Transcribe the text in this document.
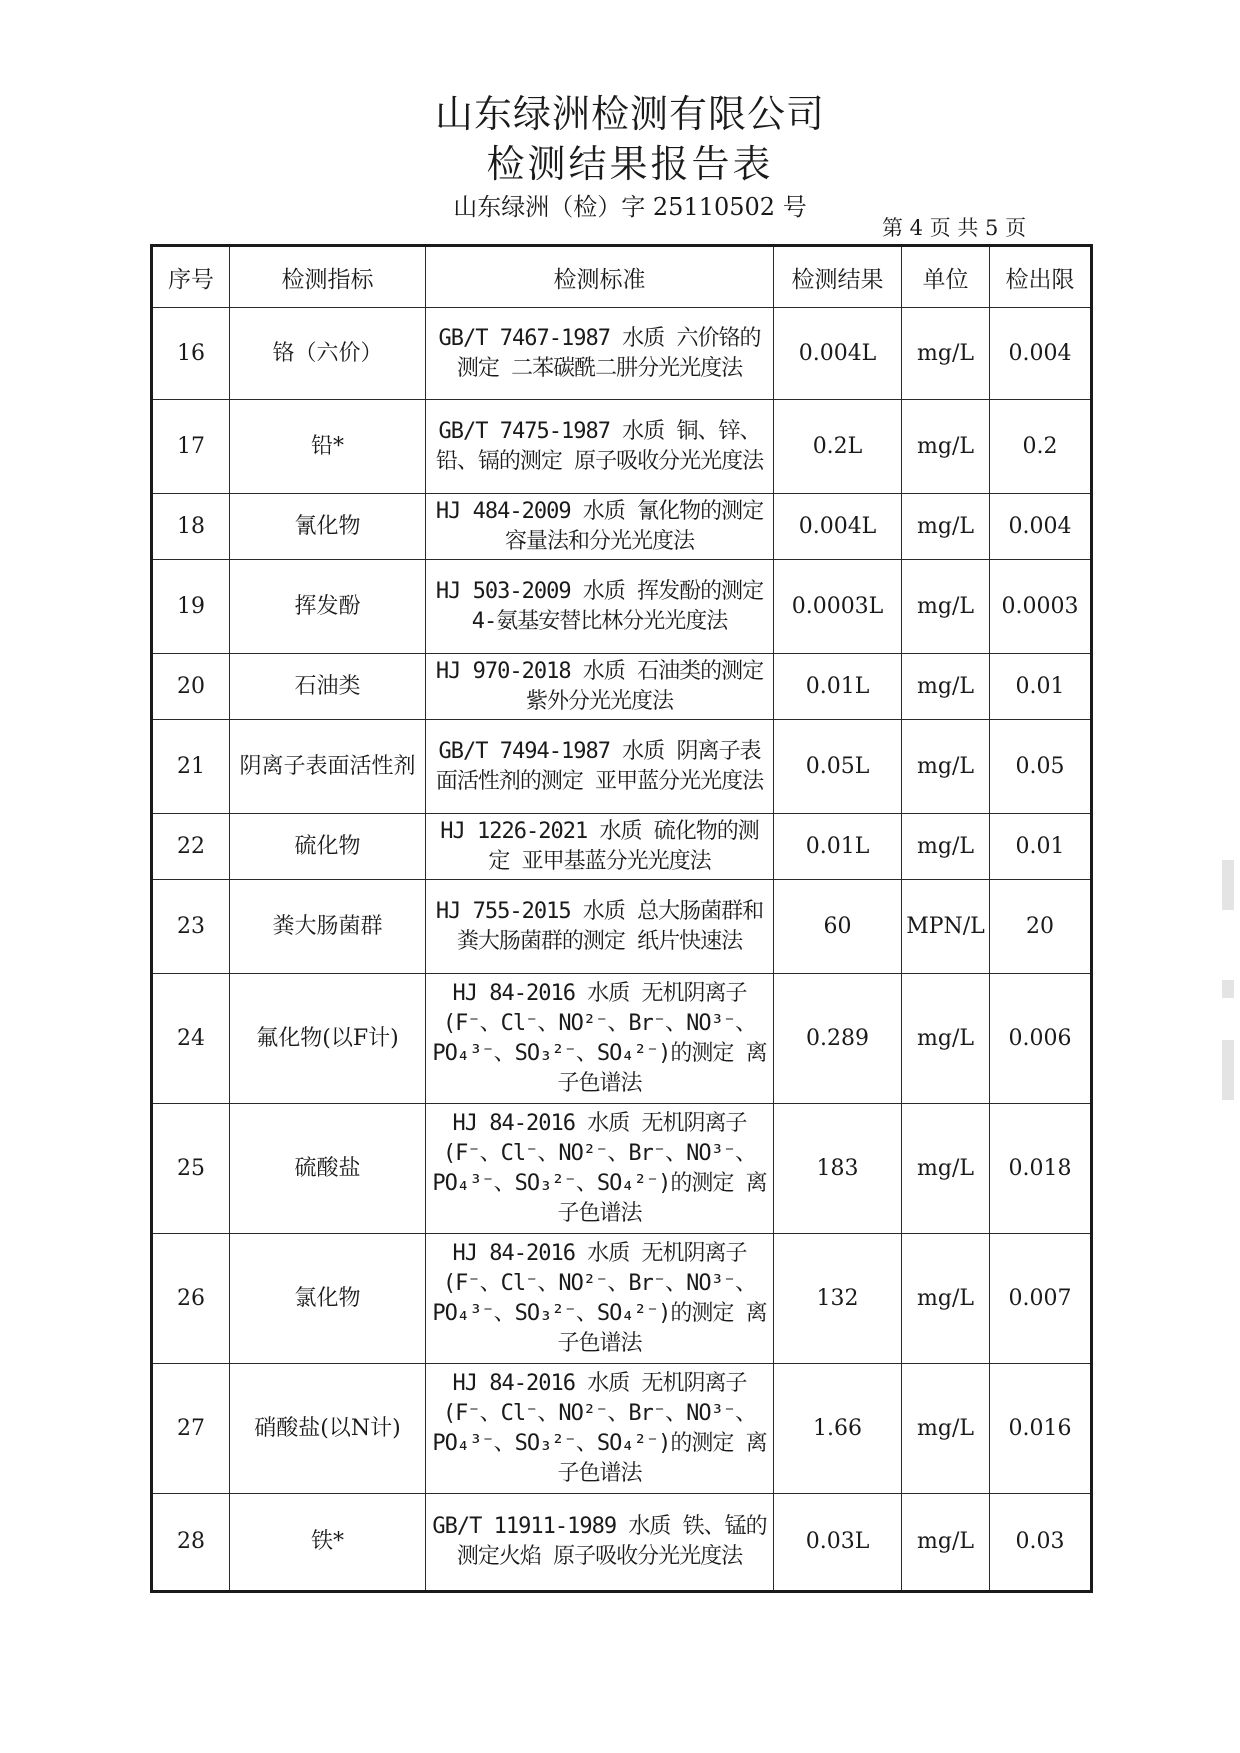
山东绿洲检测有限公司
检测结果报告表
山东绿洲（检）字 25110502 号
第 4 页 共 5 页
序号	检测指标	检测标准	检测结果	单位	检出限
16	铬（六价）	GB/T 7467-1987 水质 六价铬的测定 二苯碳酰二肼分光光度法	0.004L	mg/L	0.004
17	铅*	GB/T 7475-1987 水质 铜、锌、铅、镉的测定 原子吸收分光光度法	0.2L	mg/L	0.2
18	氰化物	HJ 484-2009 水质 氰化物的测定 容量法和分光光度法	0.004L	mg/L	0.004
19	挥发酚	HJ 503-2009 水质 挥发酚的测定 4-氨基安替比林分光光度法	0.0003L	mg/L	0.0003
20	石油类	HJ 970-2018 水质 石油类的测定 紫外分光光度法	0.01L	mg/L	0.01
21	阴离子表面活性剂	GB/T 7494-1987 水质 阴离子表面活性剂的测定 亚甲蓝分光光度法	0.05L	mg/L	0.05
22	硫化物	HJ 1226-2021 水质 硫化物的测定 亚甲基蓝分光光度法	0.01L	mg/L	0.01
23	粪大肠菌群	HJ 755-2015 水质 总大肠菌群和粪大肠菌群的测定 纸片快速法	60	MPN/L	20
24	氟化物(以F计)	HJ 84-2016 水质 无机阴离子(F⁻、Cl⁻、NO²⁻、Br⁻、NO³⁻、PO₄³⁻、SO₃²⁻、SO₄²⁻)的测定 离子色谱法	0.289	mg/L	0.006
25	硫酸盐	HJ 84-2016 水质 无机阴离子(F⁻、Cl⁻、NO²⁻、Br⁻、NO³⁻、PO₄³⁻、SO₃²⁻、SO₄²⁻)的测定 离子色谱法	183	mg/L	0.018
26	氯化物	HJ 84-2016 水质 无机阴离子(F⁻、Cl⁻、NO²⁻、Br⁻、NO³⁻、PO₄³⁻、SO₃²⁻、SO₄²⁻)的测定 离子色谱法	132	mg/L	0.007
27	硝酸盐(以N计)	HJ 84-2016 水质 无机阴离子(F⁻、Cl⁻、NO²⁻、Br⁻、NO³⁻、PO₄³⁻、SO₃²⁻、SO₄²⁻)的测定 离子色谱法	1.66	mg/L	0.016
28	铁*	GB/T 11911-1989 水质 铁、锰的测定火焰 原子吸收分光光度法	0.03L	mg/L	0.03
